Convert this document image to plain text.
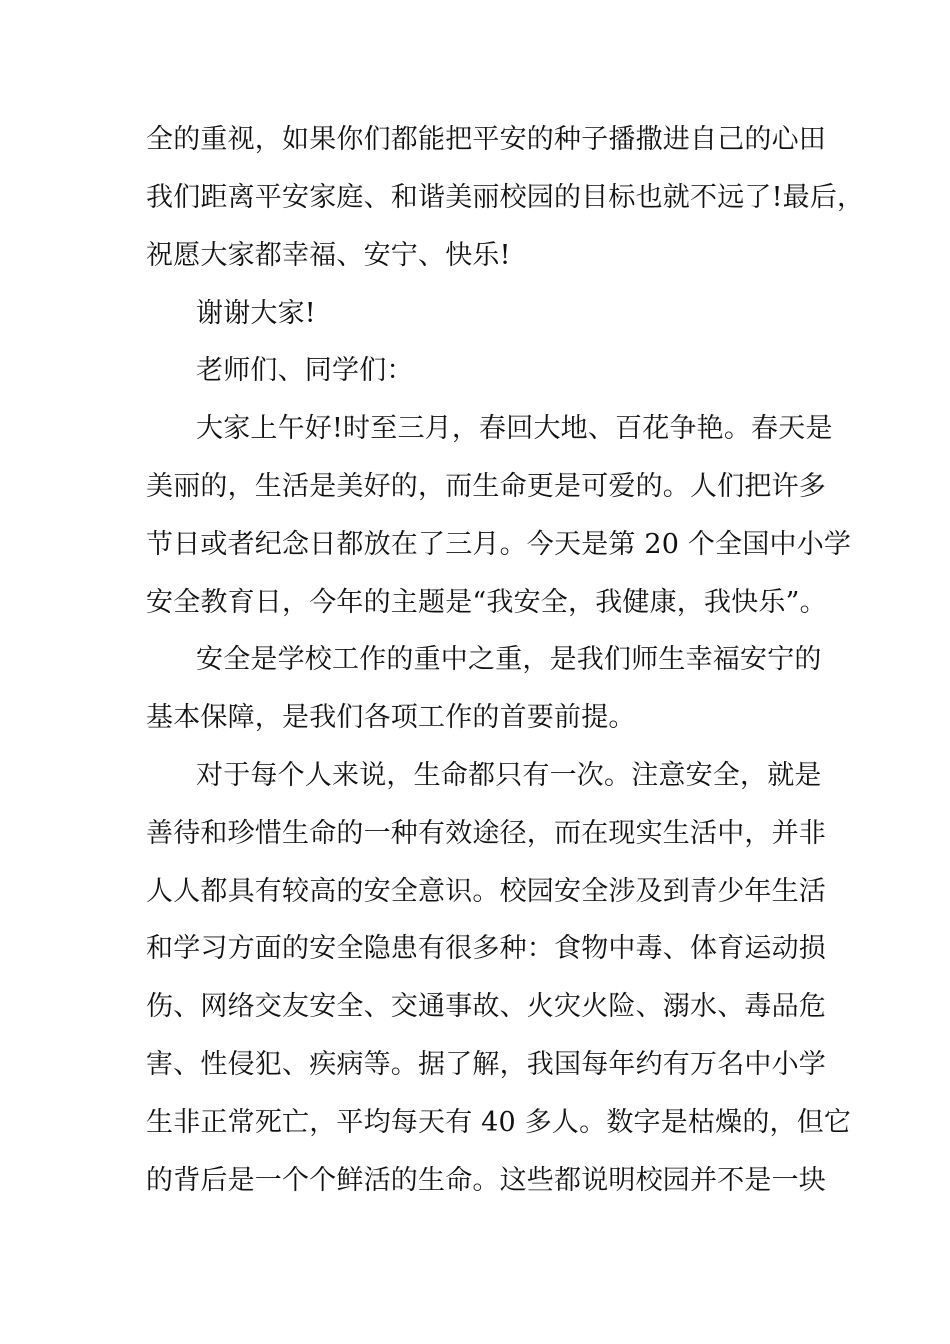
全的重视，如果你们都能把平安的种子播撒进自己的心田
我们距离平安家庭、和谐美丽校园的目标也就不远了!最后，
祝愿大家都幸福、安宁、快乐!
谢谢大家!
老师们、同学们：
大家上午好!时至三月，春回大地、百花争艳。春天是
美丽的，生活是美好的，而生命更是可爱的。人们把许多
节日或者纪念日都放在了三月。今天是第 20 个全国中小学
安全教育日，今年的主题是“我安全，我健康，我快乐”。
安全是学校工作的重中之重，是我们师生幸福安宁的
基本保障，是我们各项工作的首要前提。
对于每个人来说，生命都只有一次。注意安全，就是
善待和珍惜生命的一种有效途径，而在现实生活中，并非
人人都具有较高的安全意识。校园安全涉及到青少年生活
和学习方面的安全隐患有很多种：食物中毒、体育运动损
伤、网络交友安全、交通事故、火灾火险、溺水、毒品危
害、性侵犯、疾病等。据了解，我国每年约有万名中小学
生非正常死亡，平均每天有 40 多人。数字是枯燥的，但它
的背后是一个个鲜活的生命。这些都说明校园并不是一块
